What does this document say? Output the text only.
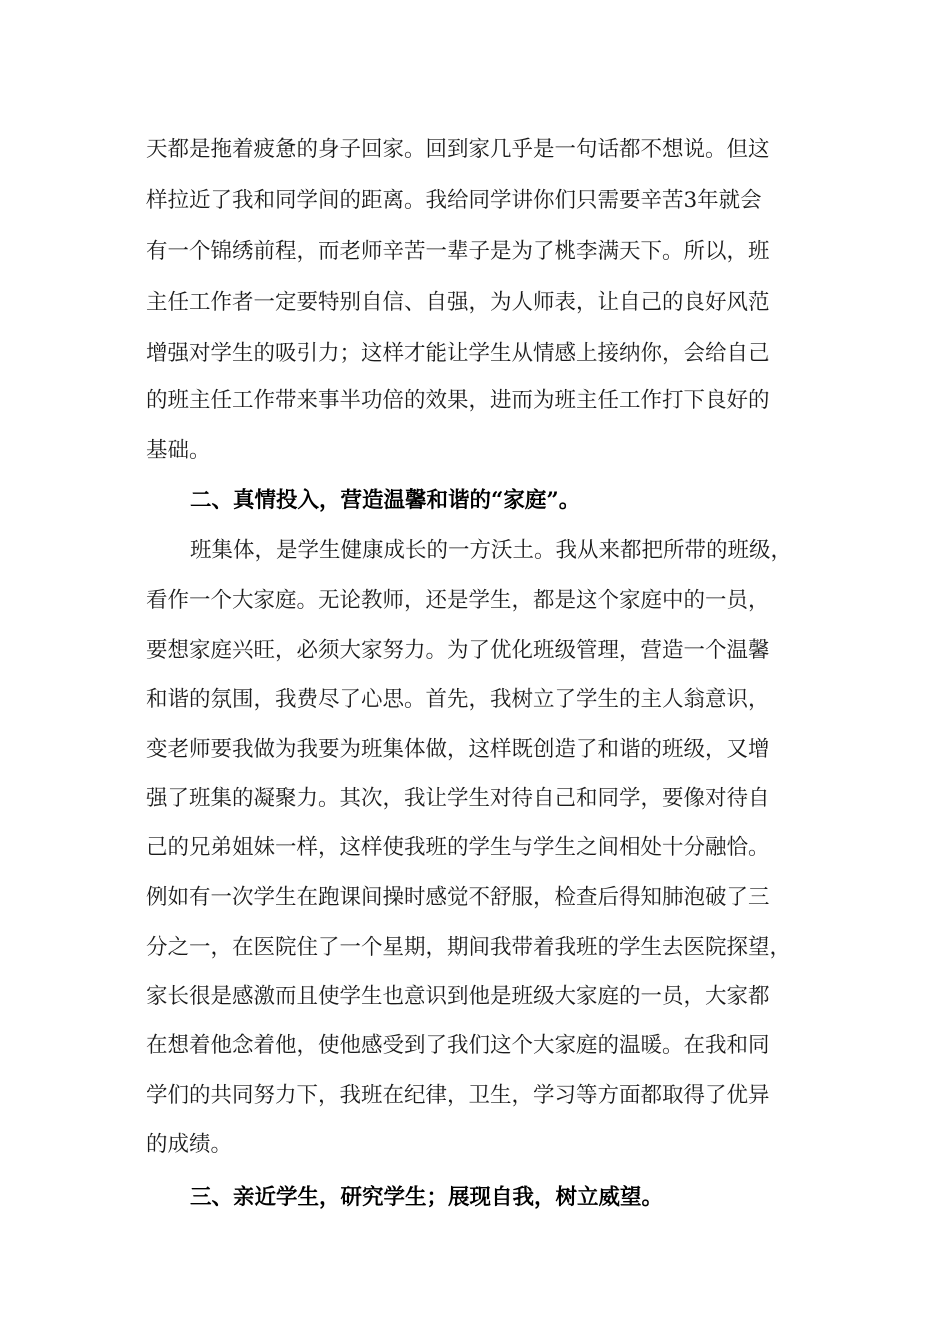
天都是拖着疲惫的身子回家。回到家几乎是一句话都不想说。但这
样拉近了我和同学间的距离。我给同学讲你们只需要辛苦3年就会
有一个锦绣前程，而老师辛苦一辈子是为了桃李满天下。所以，班
主任工作者一定要特别自信、自强，为人师表，让自己的良好风范
增强对学生的吸引力；这样才能让学生从情感上接纳你，会给自己
的班主任工作带来事半功倍的效果，进而为班主任工作打下良好的
基础。
二、真情投入，营造温馨和谐的“家庭”。
班集体，是学生健康成长的一方沃土。我从来都把所带的班级，
看作一个大家庭。无论教师，还是学生，都是这个家庭中的一员，
要想家庭兴旺，必须大家努力。为了优化班级管理，营造一个温馨
和谐的氛围，我费尽了心思。首先，我树立了学生的主人翁意识，
变老师要我做为我要为班集体做，这样既创造了和谐的班级，又增
强了班集的凝聚力。其次，我让学生对待自己和同学，要像对待自
己的兄弟姐妹一样，这样使我班的学生与学生之间相处十分融恰。
例如有一次学生在跑课间操时感觉不舒服，检查后得知肺泡破了三
分之一，在医院住了一个星期，期间我带着我班的学生去医院探望，
家长很是感激而且使学生也意识到他是班级大家庭的一员，大家都
在想着他念着他，使他感受到了我们这个大家庭的温暖。在我和同
学们的共同努力下，我班在纪律，卫生，学习等方面都取得了优异
的成绩。
三、亲近学生，研究学生；展现自我，树立威望。
